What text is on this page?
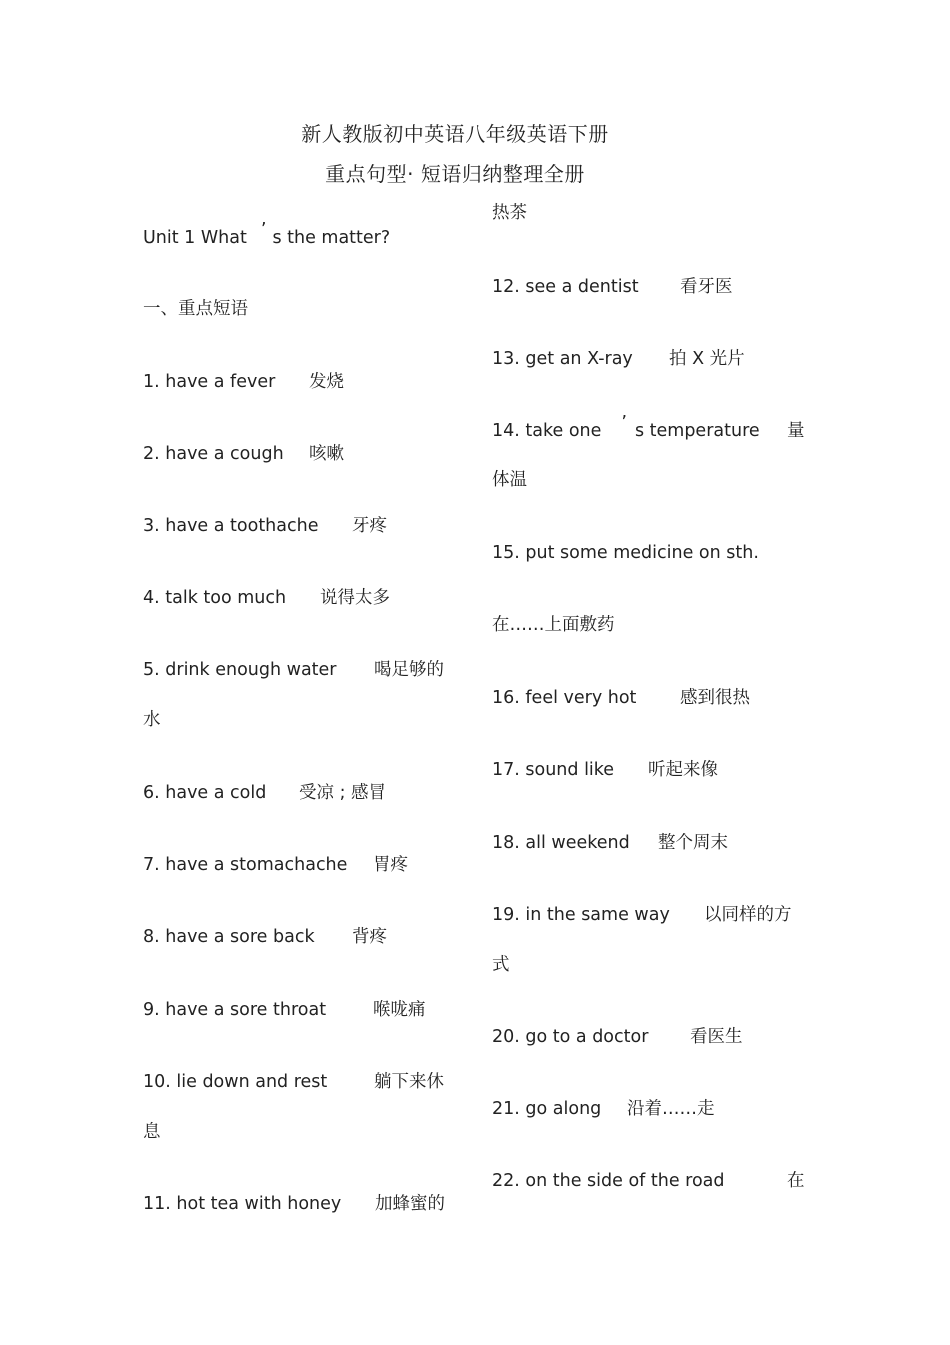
新人教版初中英语八年级英语下册
重点句型· 短语归纳整理全册
Unit 1 What ’ s the matter?
一、重点短语
1. have a fever 发烧
2. have a cough 咳嗽
3. have a toothache 牙疼
4. talk too much 说得太多
5. drink enough water 喝足够的
水
6. have a cold 受凉 ; 感冒
7. have a stomachache 胃疼
8. have a sore back 背疼
9. have a sore throat	喉咙痛
10. lie down and rest	躺下来休
息
11. hot tea with honey 加蜂蜜的
热茶
12. see a dentist 看牙医
13. get an X-ray 拍 X 光片
14. take one ’ s temperature 量
体温
15. put some medicine on sth.
在……上面敷药
16. feel very hot 感到很热
17. sound like 听起来像
18. all weekend 整个周末
19. in the same way 以同样的方
式
20. go to a doctor 看医生
21. go along 沿着……走
22. on the side of the road	在
